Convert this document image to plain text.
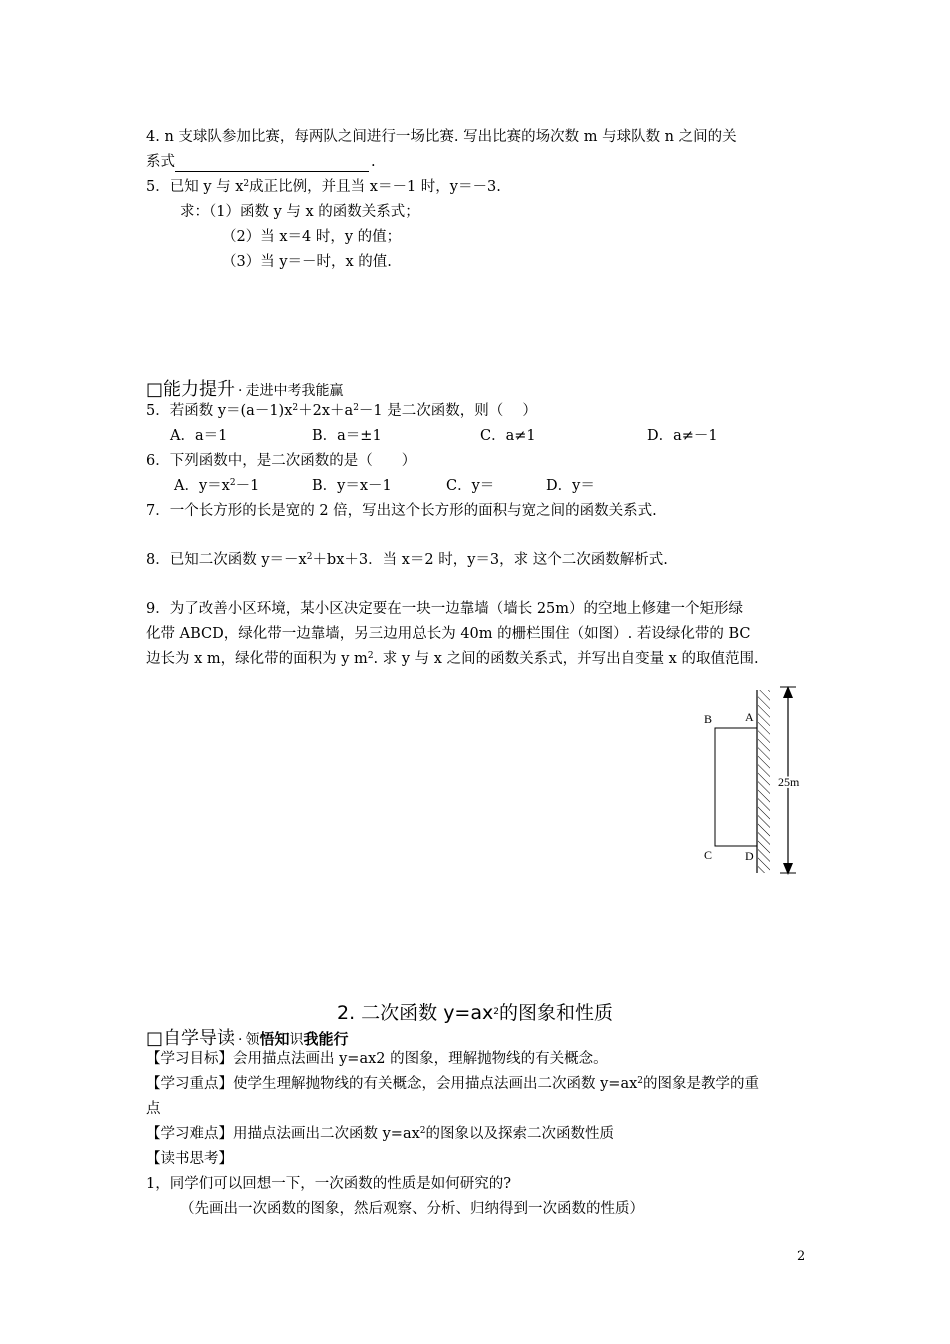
4. n 支球队参加比赛，每两队之间进行一场比赛. 写出比赛的场次数 m 与球队数 n 之间的关
系式	.
5．已知 y 与 $x^2$成正比例，并且当 x＝－1 时，y＝－3.
求：（1）函数 y 与 x 的函数关系式；
（2）当 x＝4 时，y 的值；
（3）当 y＝－时，x 的值.
□能力提升 · 走进中考我能赢
5．若函数 $y=(a-1)x^2+2x+a^2-1$ 是二次函数，则（　 ）
A．a＝1	B．a＝±1	C．a≠1	D．a≠－1
6．下列函数中，是二次函数的是（　　）
A．$y=x^2-1$	B．y＝x－1	C．y＝	D．y＝
7．一个长方形的长是宽的 2 倍，写出这个长方形的面积与宽之间的函数关系式.
8．已知二次函数 $y=-x^2+bx+3$．当 x＝2 时，y＝3，求 这个二次函数解析式.
9．为了改善小区环境，某小区决定要在一块一边靠墙（墙长 25m）的空地上修建一个矩形绿
化带 ABCD，绿化带一边靠墙，另三边用总长为 40m 的栅栏围住（如图）. 若设绿化带的 BC
边长为 x m，绿化带的面积为 y $m^2$. 求 y 与 x 之间的函数关系式，并写出自变量 x 的取值范围.
B	A
C	D
25m
2. 二次函数 $y=ax^2$的图象和性质
□自学导读 · 领悟知识我能行
【学习目标】会用描点法画出 y=ax2 的图象，理解抛物线的有关概念。
【学习重点】使学生理解抛物线的有关概念，会用描点法画出二次函数 $y=ax^2$的图象是教学的重
点
【学习难点】用描点法画出二次函数 $y=ax^2$的图象以及探索二次函数性质
【读书思考】
1，同学们可以回想一下，一次函数的性质是如何研究的?
（先画出一次函数的图象，然后观察、分析、归纳得到一次函数的性质）
2
